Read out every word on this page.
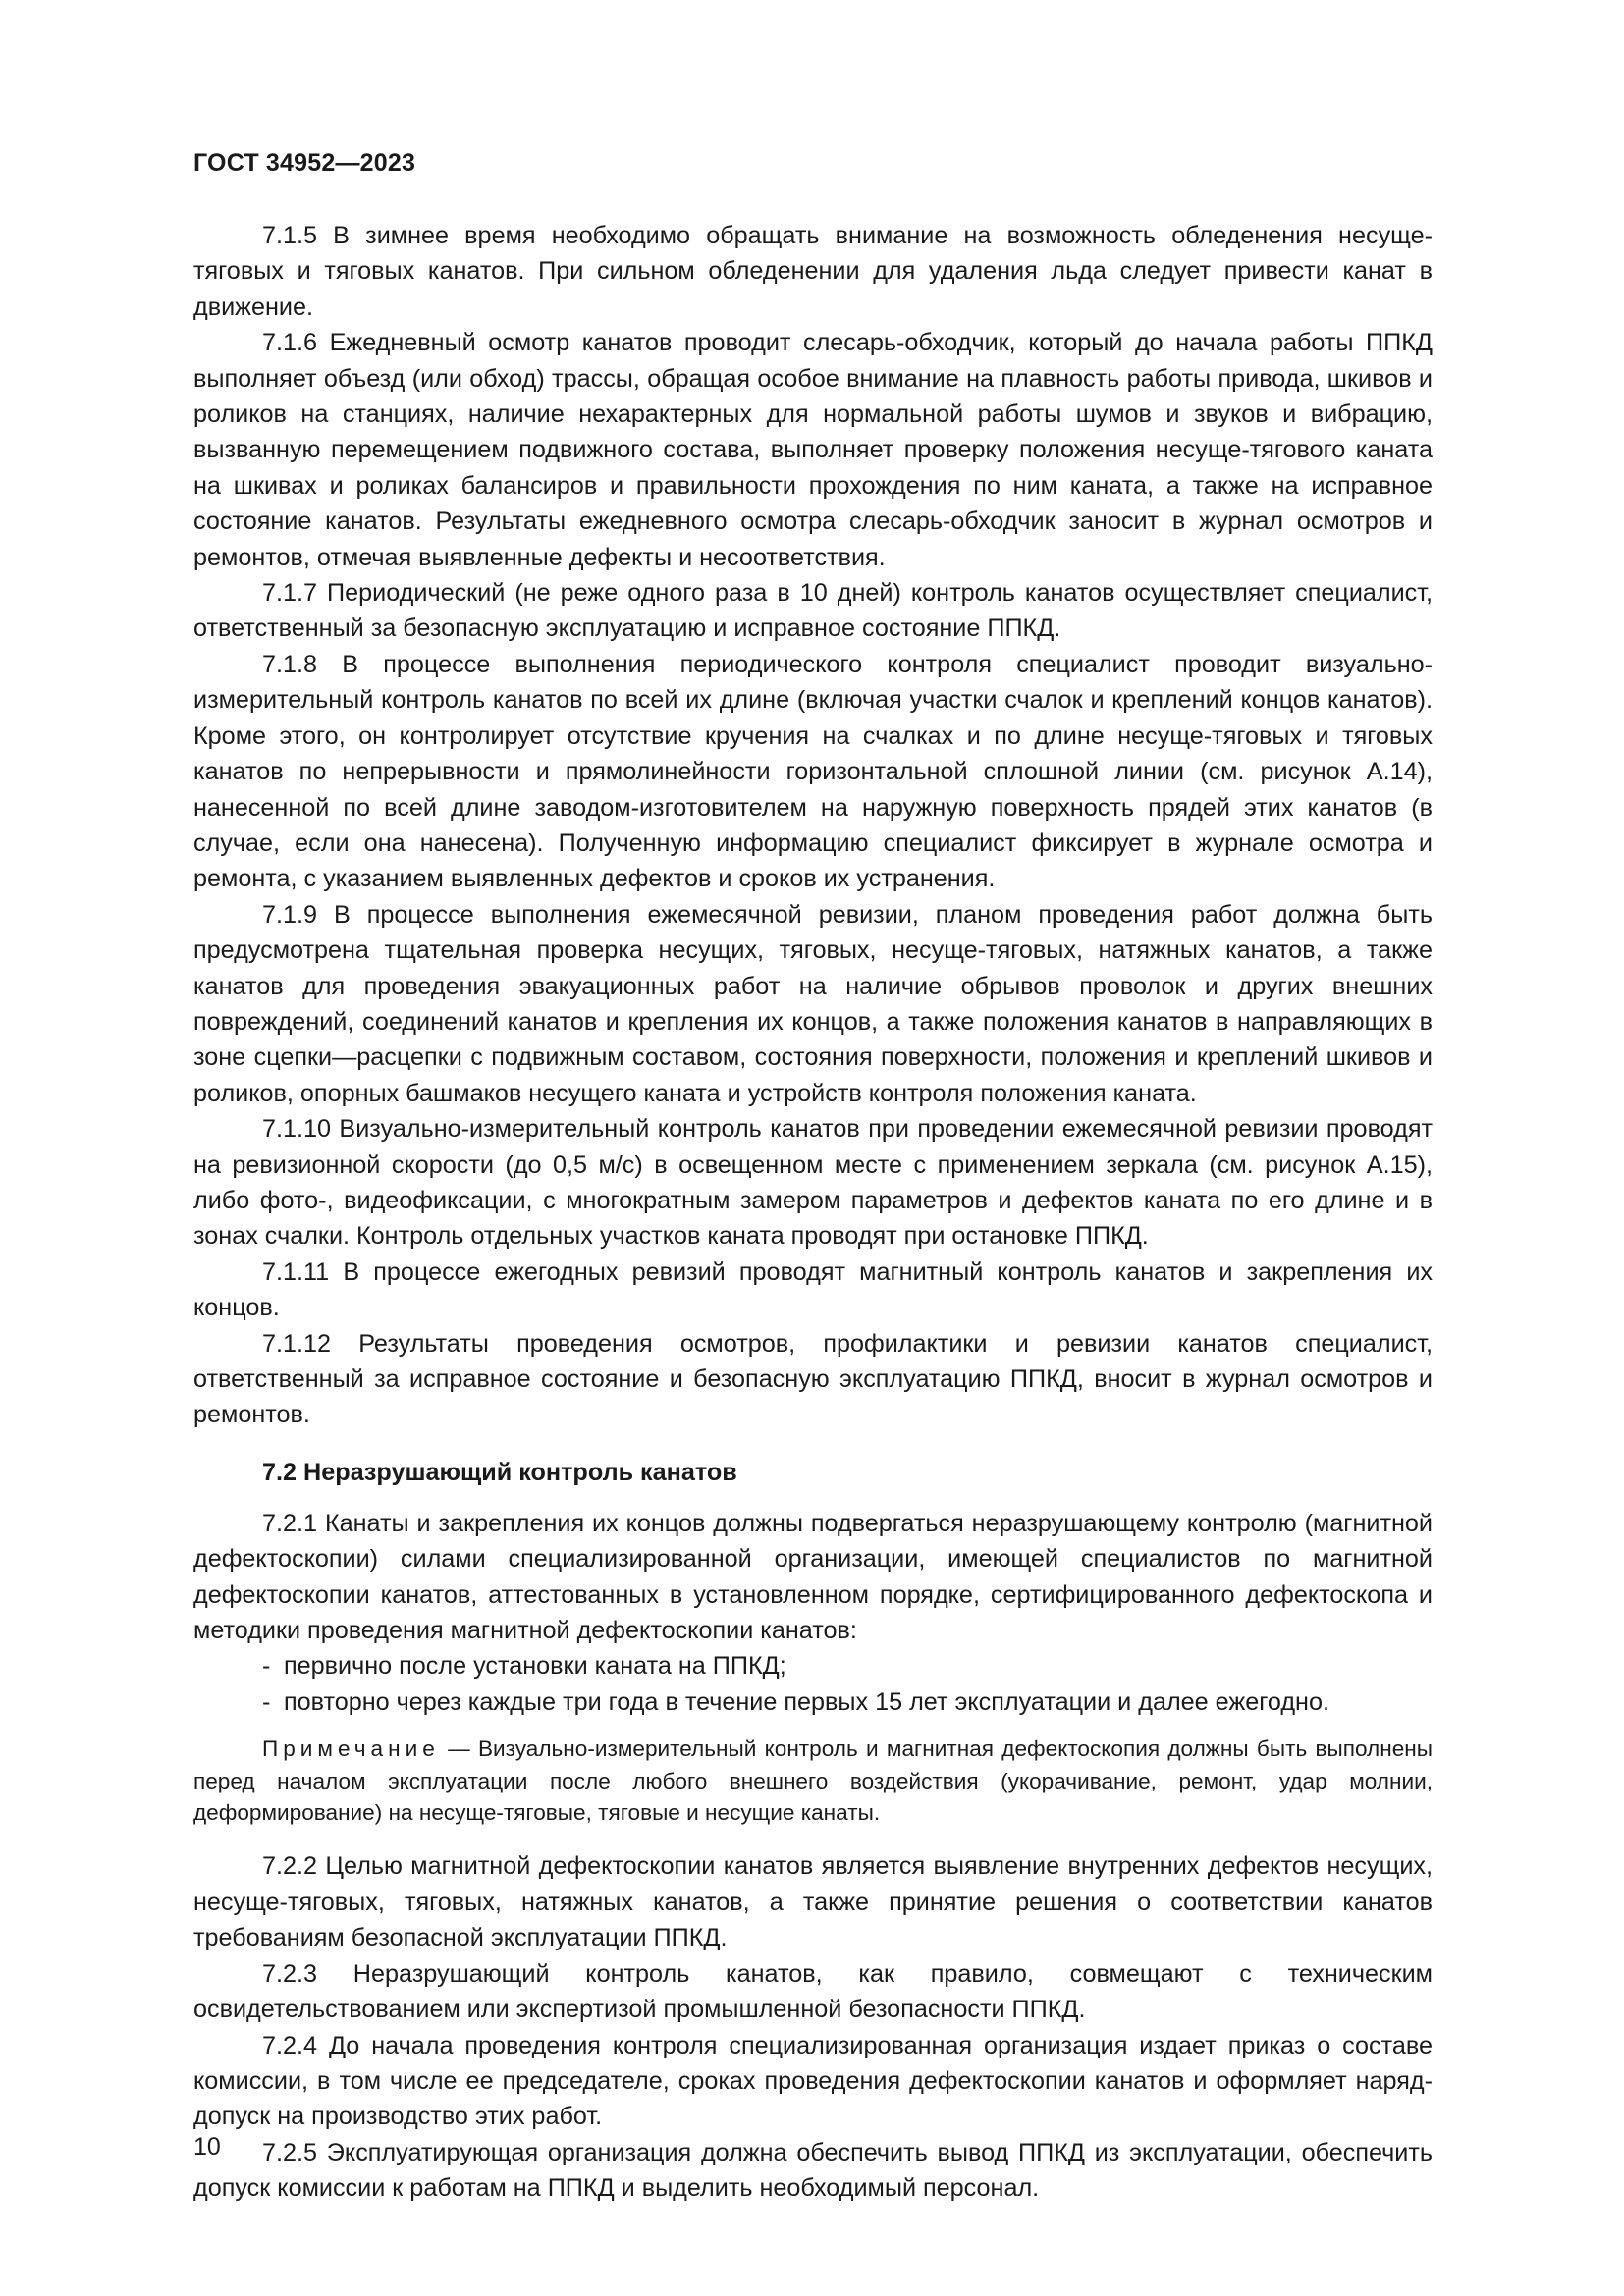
ГОСТ 34952—2023

7.1.5 В зимнее время необходимо обращать внимание на возможность обледенения несуще-тяговых и тяговых канатов. При сильном обледенении для удаления льда следует привести канат в движение.

7.1.6 Ежедневный осмотр канатов проводит слесарь-обходчик, который до начала работы ППКД выполняет объезд (или обход) трассы, обращая особое внимание на плавность работы привода, шкивов и роликов на станциях, наличие нехарактерных для нормальной работы шумов и звуков и вибрацию, вызванную перемещением подвижного состава, выполняет проверку положения несуще-тягового каната на шкивах и роликах балансиров и правильности прохождения по ним каната, а также на исправное состояние канатов. Результаты ежедневного осмотра слесарь-обходчик заносит в журнал осмотров и ремонтов, отмечая выявленные дефекты и несоответствия.

7.1.7 Периодический (не реже одного раза в 10 дней) контроль канатов осуществляет специалист, ответственный за безопасную эксплуатацию и исправное состояние ППКД.

7.1.8 В процессе выполнения периодического контроля специалист проводит визуально-измерительный контроль канатов по всей их длине (включая участки счалок и креплений концов канатов). Кроме этого, он контролирует отсутствие кручения на счалках и по длине несуще-тяговых и тяговых канатов по непрерывности и прямолинейности горизонтальной сплошной линии (см. рисунок А.14), нанесенной по всей длине заводом-изготовителем на наружную поверхность прядей этих канатов (в случае, если она нанесена). Полученную информацию специалист фиксирует в журнале осмотра и ремонта, с указанием выявленных дефектов и сроков их устранения.

7.1.9 В процессе выполнения ежемесячной ревизии, планом проведения работ должна быть предусмотрена тщательная проверка несущих, тяговых, несуще-тяговых, натяжных канатов, а также канатов для проведения эвакуационных работ на наличие обрывов проволок и других внешних повреждений, соединений канатов и крепления их концов, а также положения канатов в направляющих в зоне сцепки—расцепки с подвижным составом, состояния поверхности, положения и креплений шкивов и роликов, опорных башмаков несущего каната и устройств контроля положения каната.

7.1.10 Визуально-измерительный контроль канатов при проведении ежемесячной ревизии проводят на ревизионной скорости (до 0,5 м/с) в освещенном месте с применением зеркала (см. рисунок А.15), либо фото-, видеофиксации, с многократным замером параметров и дефектов каната по его длине и в зонах счалки. Контроль отдельных участков каната проводят при остановке ППКД.

7.1.11 В процессе ежегодных ревизий проводят магнитный контроль канатов и закрепления их концов.

7.1.12 Результаты проведения осмотров, профилактики и ревизии канатов специалист, ответственный за исправное состояние и безопасную эксплуатацию ППКД, вносит в журнал осмотров и ремонтов.

7.2 Неразрушающий контроль канатов

7.2.1 Канаты и закрепления их концов должны подвергаться неразрушающему контролю (магнитной дефектоскопии) силами специализированной организации, имеющей специалистов по магнитной дефектоскопии канатов, аттестованных в установленном порядке, сертифицированного дефектоскопа и методики проведения магнитной дефектоскопии канатов:

- первично после установки каната на ППКД;
- повторно через каждые три года в течение первых 15 лет эксплуатации и далее ежегодно.

Примечание — Визуально-измерительный контроль и магнитная дефектоскопия должны быть выполнены перед началом эксплуатации после любого внешнего воздействия (укорачивание, ремонт, удар молнии, деформирование) на несуще-тяговые, тяговые и несущие канаты.

7.2.2 Целью магнитной дефектоскопии канатов является выявление внутренних дефектов несущих, несуще-тяговых, тяговых, натяжных канатов, а также принятие решения о соответствии канатов требованиям безопасной эксплуатации ППКД.

7.2.3 Неразрушающий контроль канатов, как правило, совмещают с техническим освидетельствованием или экспертизой промышленной безопасности ППКД.

7.2.4 До начала проведения контроля специализированная организация издает приказ о составе комиссии, в том числе ее председателе, сроках проведения дефектоскопии канатов и оформляет наряд-допуск на производство этих работ.

7.2.5 Эксплуатирующая организация должна обеспечить вывод ППКД из эксплуатации, обеспечить допуск комиссии к работам на ППКД и выделить необходимый персонал.

10
